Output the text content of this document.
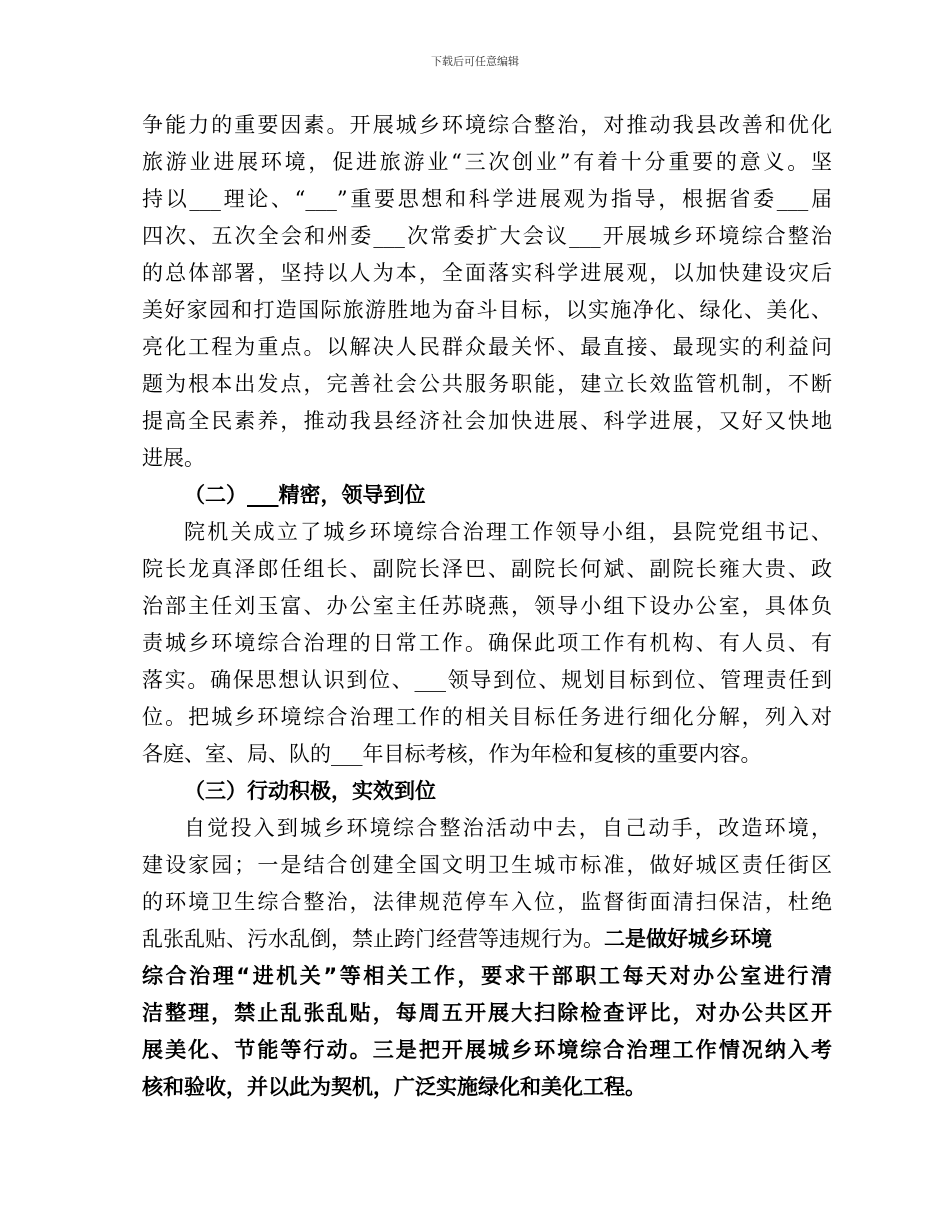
下载后可任意编辑
争能力的重要因素。开展城乡环境综合整治，对推动我县改善和优化
旅游业进展环境，促进旅游业“三次创业”有着十分重要的意义。坚
持以___理论、“___”重要思想和科学进展观为指导，根据省委___届
四次、五次全会和州委___次常委扩大会议___开展城乡环境综合整治
的总体部署，坚持以人为本，全面落实科学进展观，以加快建设灾后
美好家园和打造国际旅游胜地为奋斗目标，以实施净化、绿化、美化、
亮化工程为重点。以解决人民群众最关怀、最直接、最现实的利益问
题为根本出发点，完善社会公共服务职能，建立长效监管机制，不断
提高全民素养，推动我县经济社会加快进展、科学进展，又好又快地
进展。
（二）___精密，领导到位
院机关成立了城乡环境综合治理工作领导小组，县院党组书记、
院长龙真泽郎任组长、副院长泽巴、副院长何斌、副院长雍大贵、政
治部主任刘玉富、办公室主任苏晓燕，领导小组下设办公室，具体负
责城乡环境综合治理的日常工作。确保此项工作有机构、有人员、有
落实。确保思想认识到位、___领导到位、规划目标到位、管理责任到
位。把城乡环境综合治理工作的相关目标任务进行细化分解，列入对
各庭、室、局、队的___年目标考核，作为年检和复核的重要内容。
（三）行动积极，实效到位
自觉投入到城乡环境综合整治活动中去，自己动手，改造环境，
建设家园；一是结合创建全国文明卫生城市标准，做好城区责任街区
的环境卫生综合整治，法律规范停车入位，监督街面清扫保洁，杜绝
乱张乱贴、污水乱倒，禁止跨门经营等违规行为。二是做好城乡环境
综合治理“进机关”等相关工作，要求干部职工每天对办公室进行清
洁整理，禁止乱张乱贴，每周五开展大扫除检查评比，对办公共区开
展美化、节能等行动。三是把开展城乡环境综合治理工作情况纳入考
核和验收，并以此为契机，广泛实施绿化和美化工程。
